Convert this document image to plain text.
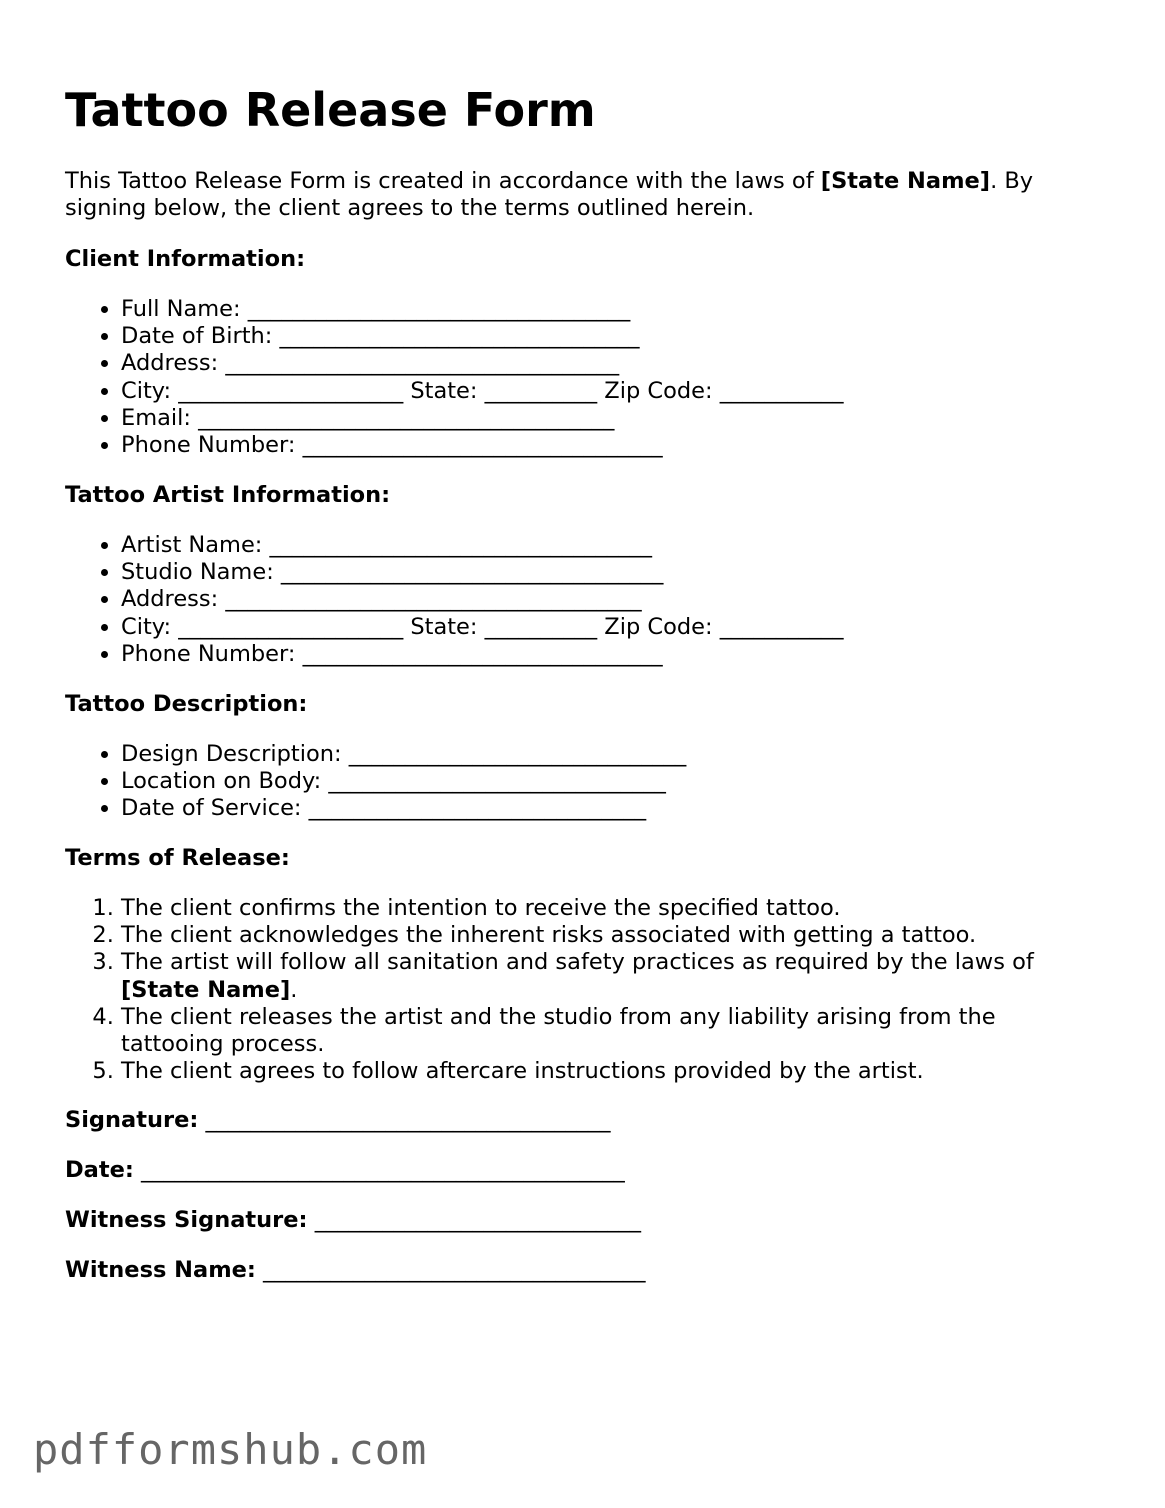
Tattoo Release Form

This Tattoo Release Form is created in accordance with the laws of [State Name]. By signing below, the client agrees to the terms outlined herein.

Client Information:

• Full Name: __________________________________
• Date of Birth: ________________________________
• Address: ___________________________________
• City: ____________________ State: __________ Zip Code: ___________
• Email: _____________________________________
• Phone Number: ________________________________

Tattoo Artist Information:

• Artist Name: __________________________________
• Studio Name: __________________________________
• Address: _____________________________________
• City: ____________________ State: __________ Zip Code: ___________
• Phone Number: ________________________________

Tattoo Description:

• Design Description: ______________________________
• Location on Body: ______________________________
• Date of Service: ______________________________

Terms of Release:

1. The client confirms the intention to receive the specified tattoo.
2. The client acknowledges the inherent risks associated with getting a tattoo.
3. The artist will follow all sanitation and safety practices as required by the laws of [State Name].
4. The client releases the artist and the studio from any liability arising from the tattooing process.
5. The client agrees to follow aftercare instructions provided by the artist.

Signature: ____________________________________

Date: ___________________________________________

Witness Signature: _____________________________

Witness Name: __________________________________

pdfformshub.com
